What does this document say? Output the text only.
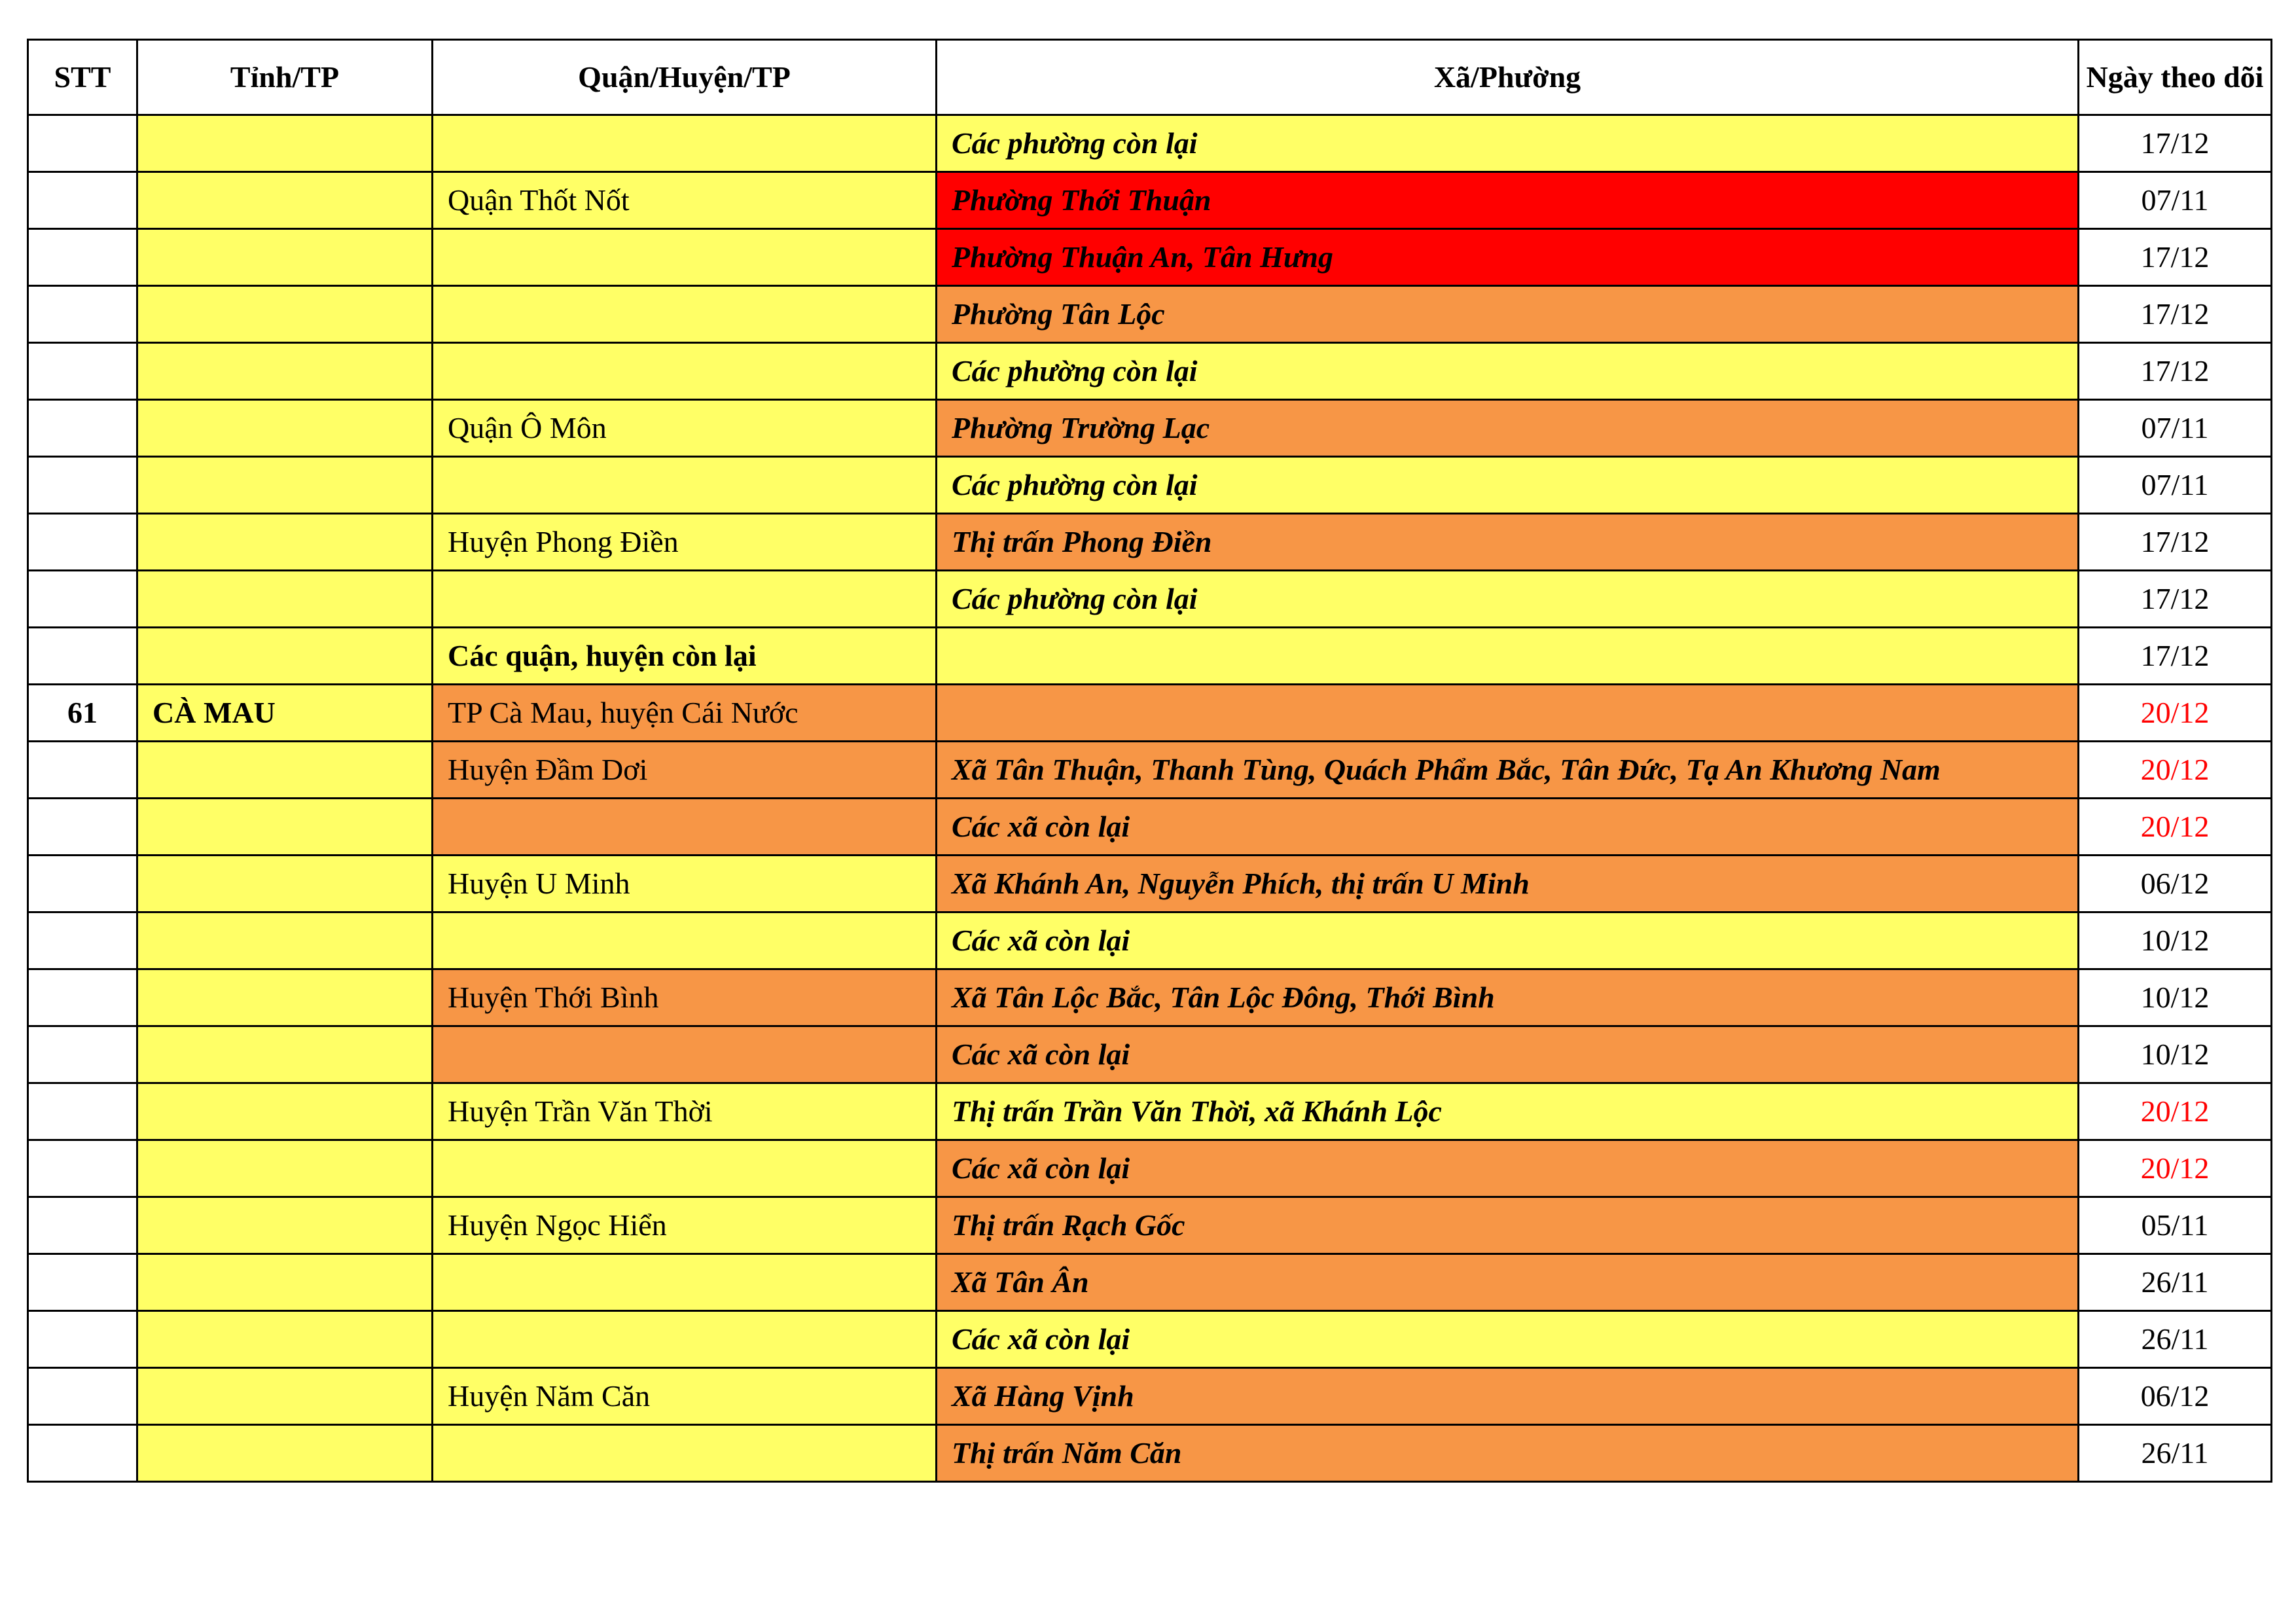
STT	Tỉnh/TP	Quận/Huyện/TP	Xã/Phường	Ngày theo dõi
			Các phường còn lại	17/12
		Quận Thốt Nốt	Phường Thới Thuận	07/11
			Phường Thuận An, Tân Hưng	17/12
			Phường Tân Lộc	17/12
			Các phường còn lại	17/12
		Quận Ô Môn	Phường Trường Lạc	07/11
			Các phường còn lại	07/11
		Huyện Phong Điền	Thị trấn Phong Điền	17/12
			Các phường còn lại	17/12
		Các quận, huyện còn lại		17/12
61	CÀ MAU	TP Cà Mau, huyện Cái Nước		20/12
		Huyện Đầm Dơi	Xã Tân Thuận, Thanh Tùng, Quách Phẩm Bắc, Tân Đức, Tạ An Khương Nam	20/12
			Các xã còn lại	20/12
		Huyện U Minh	Xã Khánh An, Nguyễn Phích, thị trấn U Minh	06/12
			Các xã còn lại	10/12
		Huyện Thới Bình	Xã Tân Lộc Bắc, Tân Lộc Đông, Thới Bình	10/12
			Các xã còn lại	10/12
		Huyện Trần Văn Thời	Thị trấn Trần Văn Thời, xã Khánh Lộc	20/12
			Các xã còn lại	20/12
		Huyện Ngọc Hiển	Thị trấn Rạch Gốc	05/11
			Xã Tân Ân	26/11
			Các xã còn lại	26/11
		Huyện Năm Căn	Xã Hàng Vịnh	06/12
			Thị trấn Năm Căn	26/11
